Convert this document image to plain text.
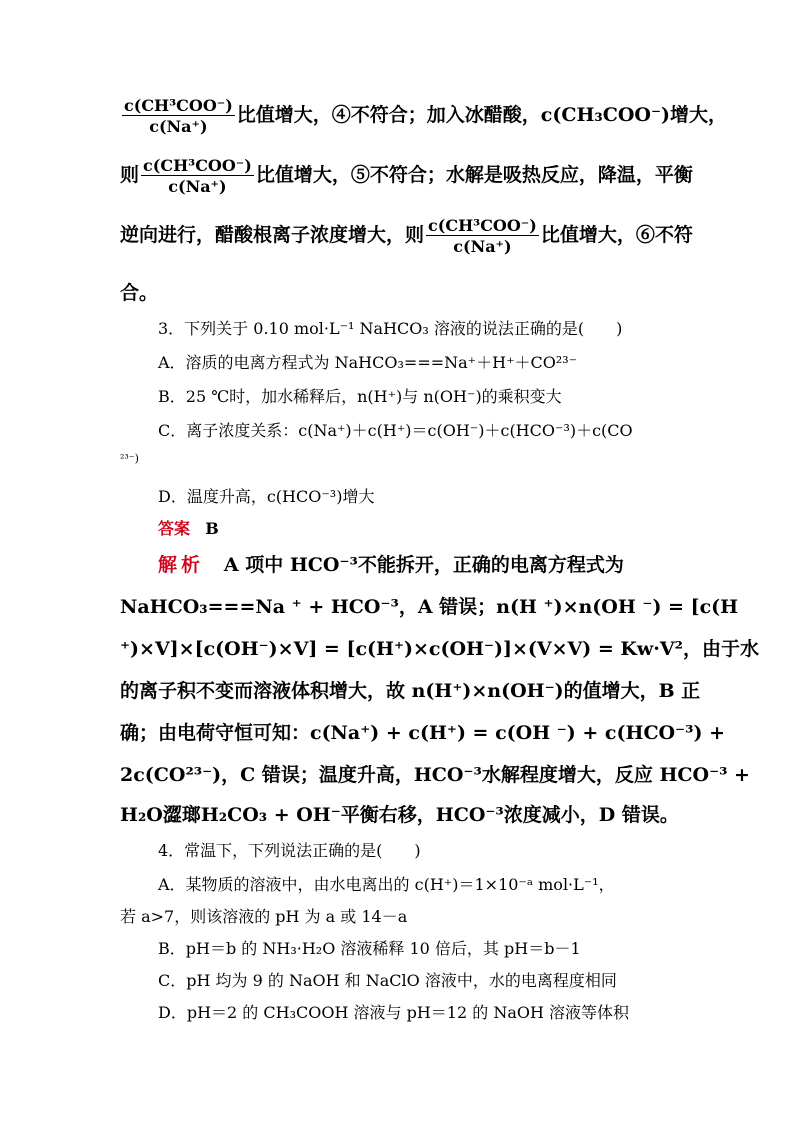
$\frac{\text{c(CH³COO⁻)}}{c(Na^+)}$ 比值增大，④不符合；加入冰醋酸，c(CH₃COO⁻)增大，
则 $\frac{\text{c(CH³COO⁻)}}{c(Na^+)}$ 比值增大，⑤不符合；水解是吸热反应，降温，平衡
逆向进行，醋酸根离子浓度增大，则 $\frac{\text{c(CH³COO⁻)}}{c(Na^+)}$ 比值增大，⑥不符
合。
3．下列关于 0.10 mol·L⁻¹ NaHCO₃ 溶液的说法正确的是(　　)
A．溶质的电离方程式为 NaHCO₃===Na⁺＋H⁺＋CO²³⁻
B．25 ℃时，加水稀释后，n(H⁺)与 n(OH⁻)的乘积变大
C．离子浓度关系：c(Na⁺)＋c(H⁺)＝c(OH⁻)＋c(HCO⁻³)＋c(CO
²³⁻)
D．温度升高，c(HCO⁻³)增大
答案 B
解析 A 项中 HCO⁻³不能拆开，正确的电离方程式为
NaHCO₃===Na ⁺ + HCO⁻³，A 错误；n(H ⁺)×n(OH ⁻) = [c(H
⁺)×V]×[c(OH⁻)×V] = [c(H⁺)×c(OH⁻)]×(V×V) = Kw·V²，由于水
的离子积不变而溶液体积增大，故 n(H⁺)×n(OH⁻)的值增大，B 正
确；由电荷守恒可知：c(Na⁺) + c(H⁺) = c(OH ⁻) + c(HCO⁻³) +
2c(CO²³⁻)，C 错误；温度升高，HCO⁻³水解程度增大，反应 HCO⁻³ +
H₂O澀瑯H₂CO₃ + OH⁻平衡右移，HCO⁻³浓度减小，D 错误。
4．常温下，下列说法正确的是(　　)
A．某物质的溶液中，由水电离出的 c(H⁺)＝1×10⁻ᵃ mol·L⁻¹，
若 a>7，则该溶液的 pH 为 a 或 14－a
B．pH＝b 的 NH₃·H₂O 溶液稀释 10 倍后，其 pH＝b－1
C．pH 均为 9 的 NaOH 和 NaClO 溶液中，水的电离程度相同
D．pH＝2 的 CH₃COOH 溶液与 pH＝12 的 NaOH 溶液等体积
